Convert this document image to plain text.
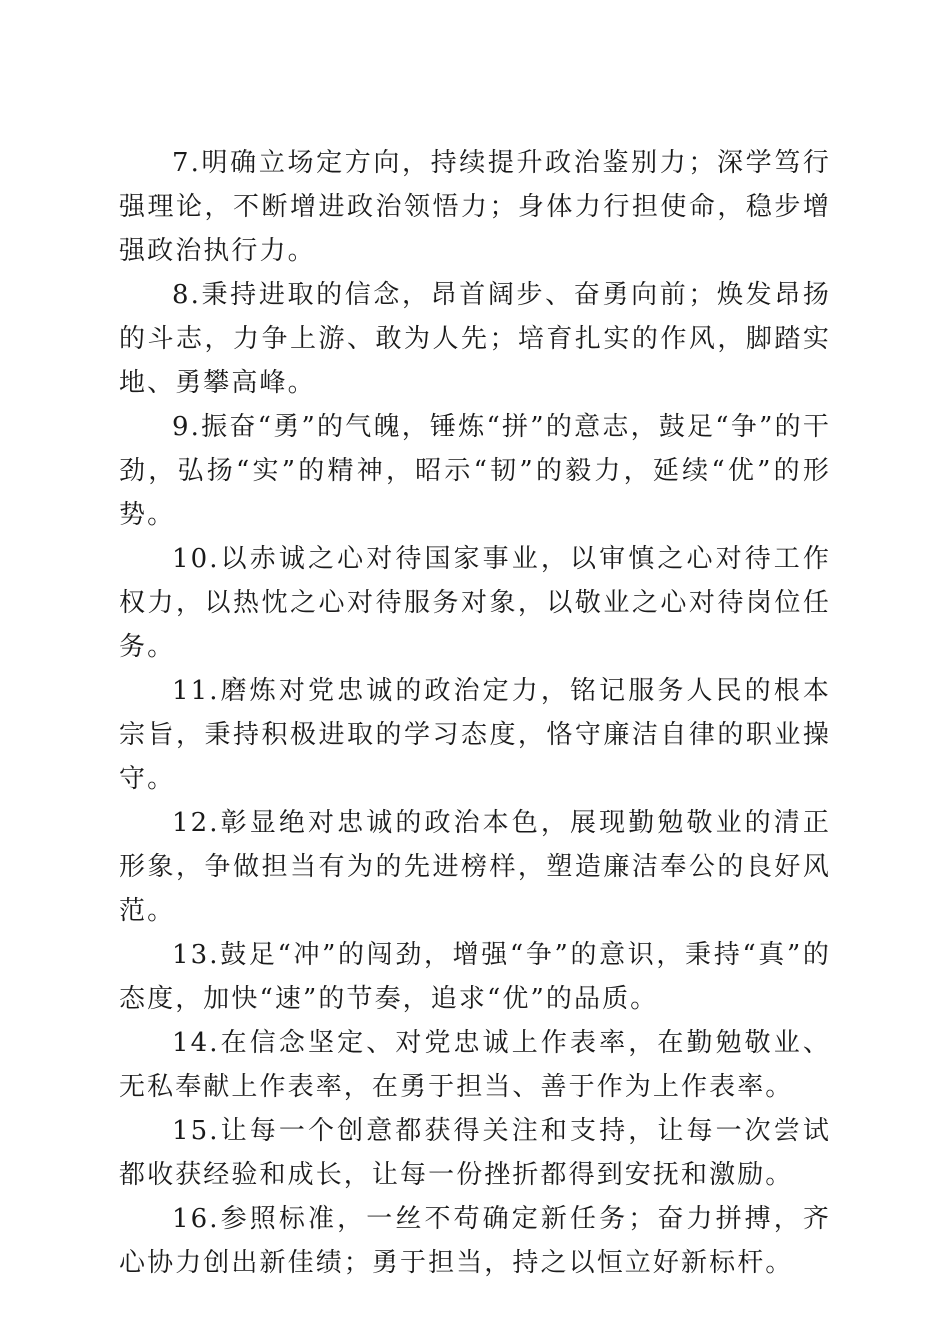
7.明确立场定方向，持续提升政治鉴别力；深学笃行强理论，不断增进政治领悟力；身体力行担使命，稳步增强政治执行力。

8.秉持进取的信念，昂首阔步、奋勇向前；焕发昂扬的斗志，力争上游、敢为人先；培育扎实的作风，脚踏实地、勇攀高峰。

9.振奋“勇”的气魄，锤炼“拼”的意志，鼓足“争”的干劲，弘扬“实”的精神，昭示“韧”的毅力，延续“优”的形势。

10.以赤诚之心对待国家事业，以审慎之心对待工作权力，以热忱之心对待服务对象，以敬业之心对待岗位任务。

11.磨炼对党忠诚的政治定力，铭记服务人民的根本宗旨，秉持积极进取的学习态度，恪守廉洁自律的职业操守。

12.彰显绝对忠诚的政治本色，展现勤勉敬业的清正形象，争做担当有为的先进榜样，塑造廉洁奉公的良好风范。

13.鼓足“冲”的闯劲，增强“争”的意识，秉持“真”的态度，加快“速”的节奏，追求“优”的品质。

14.在信念坚定、对党忠诚上作表率，在勤勉敬业、无私奉献上作表率，在勇于担当、善于作为上作表率。

15.让每一个创意都获得关注和支持，让每一次尝试都收获经验和成长，让每一份挫折都得到安抚和激励。

16.参照标准，一丝不苟确定新任务；奋力拼搏，齐心协力创出新佳绩；勇于担当，持之以恒立好新标杆。
